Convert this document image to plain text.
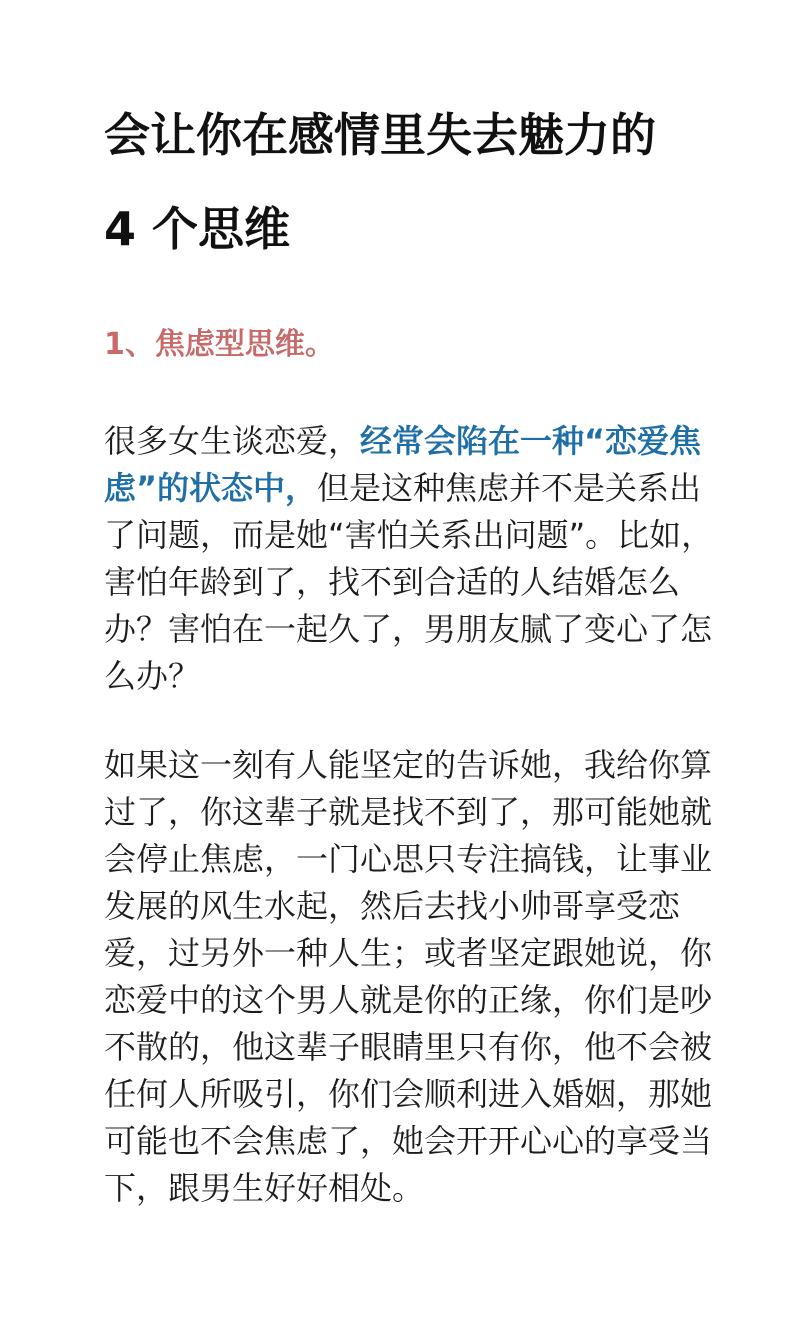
会让你在感情里失去魅力的
4 个思维
1、焦虑型思维。

很多女生谈恋爱，经常会陷在一种“恋爱焦虑”的状态中，但是这种焦虑并不是关系出了问题，而是她“害怕关系出问题”。比如，害怕年龄到了，找不到合适的人结婚怎么办？害怕在一起久了，男朋友腻了变心了怎么办？

如果这一刻有人能坚定的告诉她，我给你算过了，你这辈子就是找不到了，那可能她就会停止焦虑，一门心思只专注搞钱，让事业发展的风生水起，然后去找小帅哥享受恋爱，过另外一种人生；或者坚定跟她说，你恋爱中的这个男人就是你的正缘，你们是吵不散的，他这辈子眼睛里只有你，他不会被任何人所吸引，你们会顺利进入婚姻，那她可能也不会焦虑了，她会开开心心的享受当下，跟男生好好相处。
